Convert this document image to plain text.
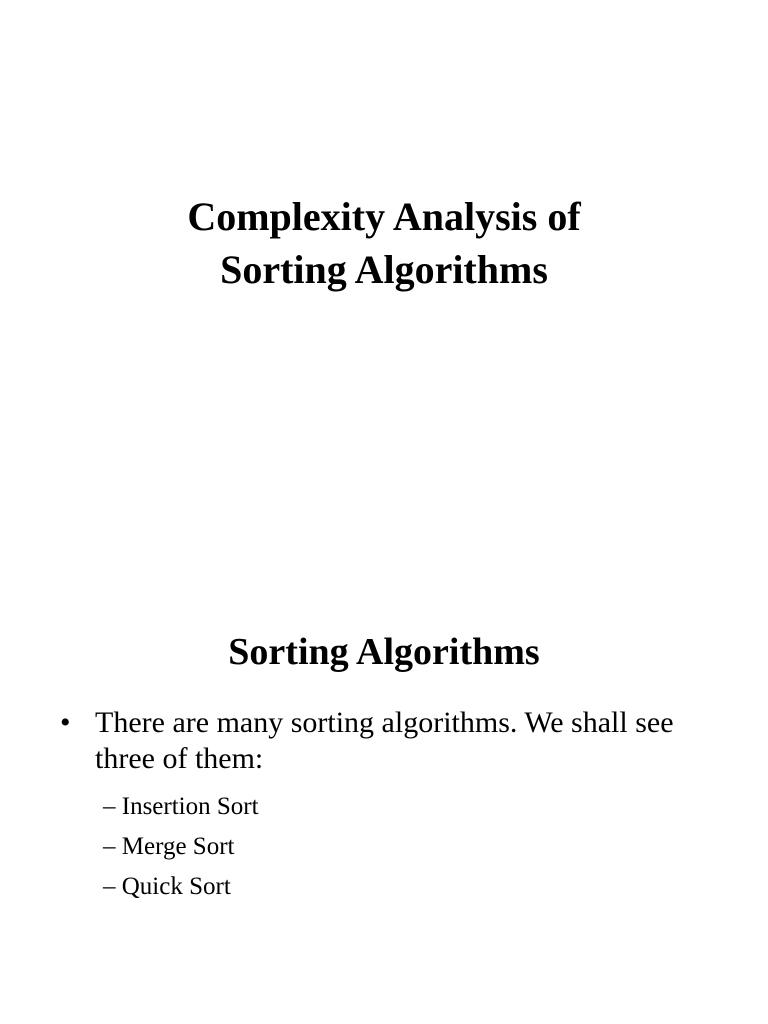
Complexity Analysis of
Sorting Algorithms
Sorting Algorithms
• There are many sorting algorithms. We shall see three of them:
– Insertion Sort
– Merge Sort
– Quick Sort
